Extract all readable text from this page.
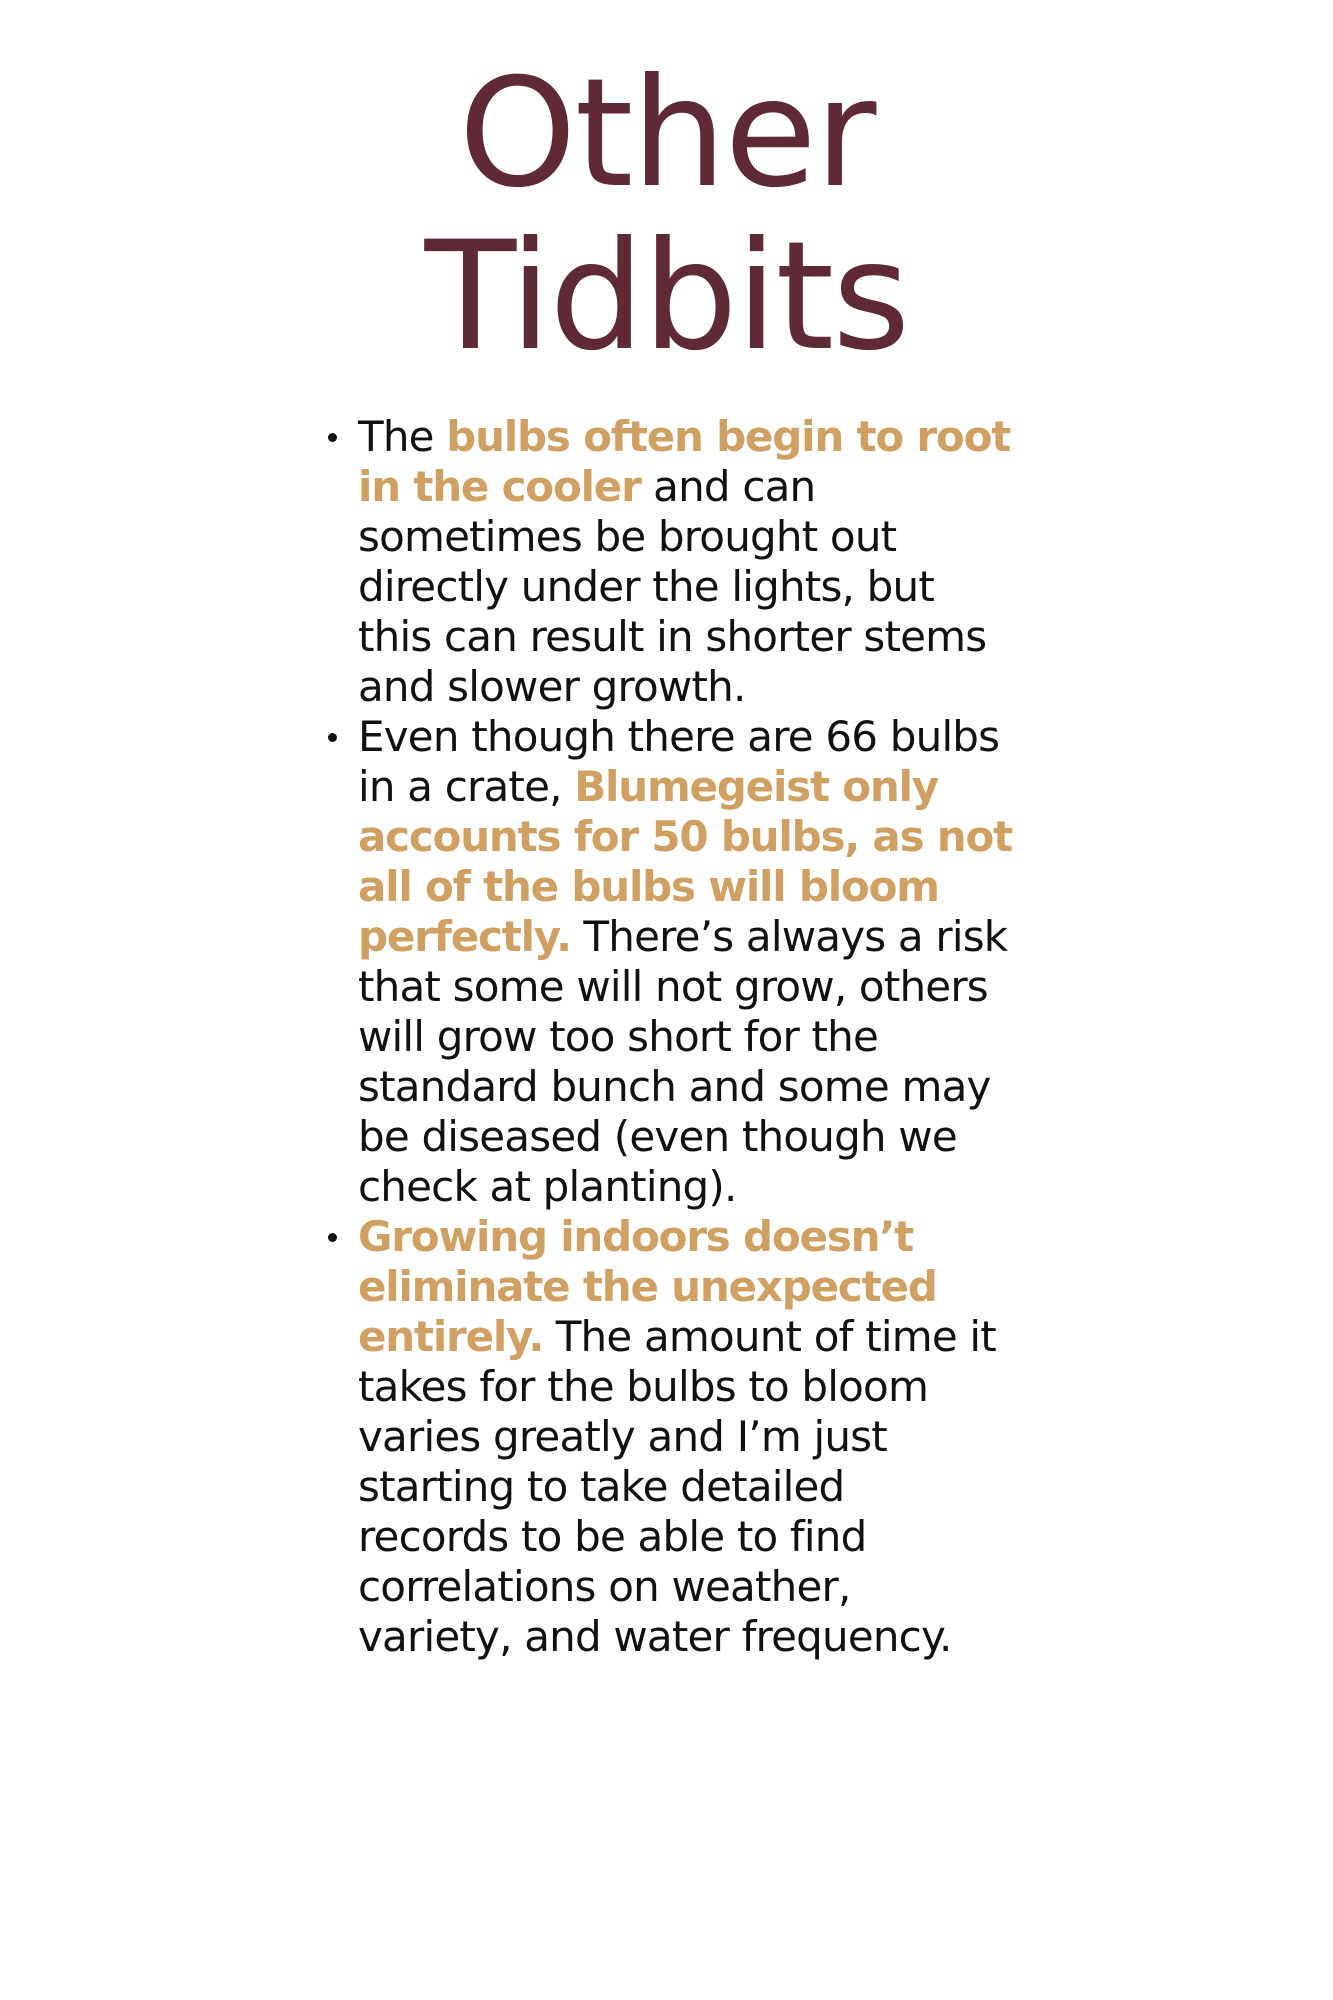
Other
Tidbits
The bulbs often begin to root
in the cooler and can
sometimes be brought out
directly under the lights, but
this can result in shorter stems
and slower growth.
Even though there are 66 bulbs
in a crate, Blumegeist only
accounts for 50 bulbs, as not
all of the bulbs will bloom
perfectly. There’s always a risk
that some will not grow, others
will grow too short for the
standard bunch and some may
be diseased (even though we
check at planting).
Growing indoors doesn’t
eliminate the unexpected
entirely. The amount of time it
takes for the bulbs to bloom
varies greatly and I’m just
starting to take detailed
records to be able to find
correlations on weather,
variety, and water frequency.
